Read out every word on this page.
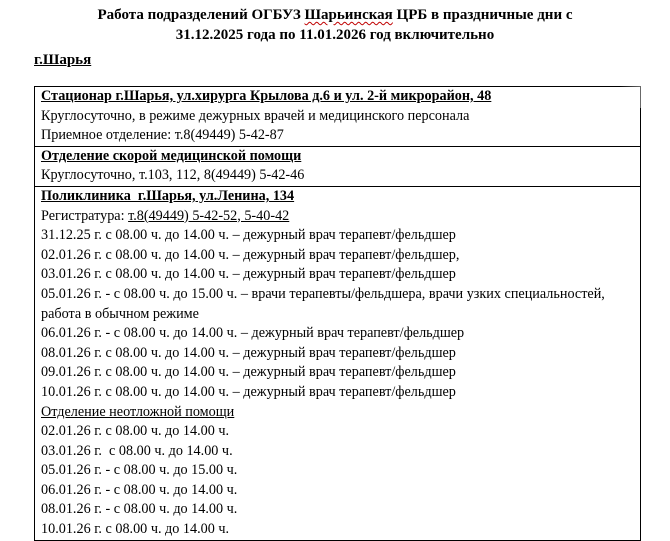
Работа подразделений ОГБУЗ Шарьинская ЦРБ в праздничные дни с
31.12.2025 года по 11.01.2026 год включительно
г.Шарья
Стационар г.Шарья, ул.хирурга Крылова д.6 и ул. 2-й микрорайон, 48
Круглосуточно, в режиме дежурных врачей и медицинского персонала
Приемное отделение: т.8(49449) 5-42-87

Отделение скорой медицинской помощи
Круглосуточно, т.103, 112, 8(49449) 5-42-46

Поликлиника  г.Шарья, ул.Ленина, 134
Регистратура: т.8(49449) 5-42-52, 5-40-42
31.12.25 г. с 08.00 ч. до 14.00 ч. – дежурный врач терапевт/фельдшер
02.01.26 г. с 08.00 ч. до 14.00 ч. – дежурный врач терапевт/фельдшер,
03.01.26 г. с 08.00 ч. до 14.00 ч. – дежурный врач терапевт/фельдшер
05.01.26 г. - с 08.00 ч. до 15.00 ч. – врачи терапевты/фельдшера, врачи узких специальностей, работа в обычном режиме
06.01.26 г. - с 08.00 ч. до 14.00 ч. – дежурный врач терапевт/фельдшер
08.01.26 г. с 08.00 ч. до 14.00 ч. – дежурный врач терапевт/фельдшер
09.01.26 г. с 08.00 ч. до 14.00 ч. – дежурный врач терапевт/фельдшер
10.01.26 г. с 08.00 ч. до 14.00 ч. – дежурный врач терапевт/фельдшер
Отделение неотложной помощи
02.01.26 г. с 08.00 ч. до 14.00 ч.
03.01.26 г.  с 08.00 ч. до 14.00 ч.
05.01.26 г. - с 08.00 ч. до 15.00 ч.
06.01.26 г. - с 08.00 ч. до 14.00 ч.
08.01.26 г. - с 08.00 ч. до 14.00 ч.
10.01.26 г. с 08.00 ч. до 14.00 ч.
